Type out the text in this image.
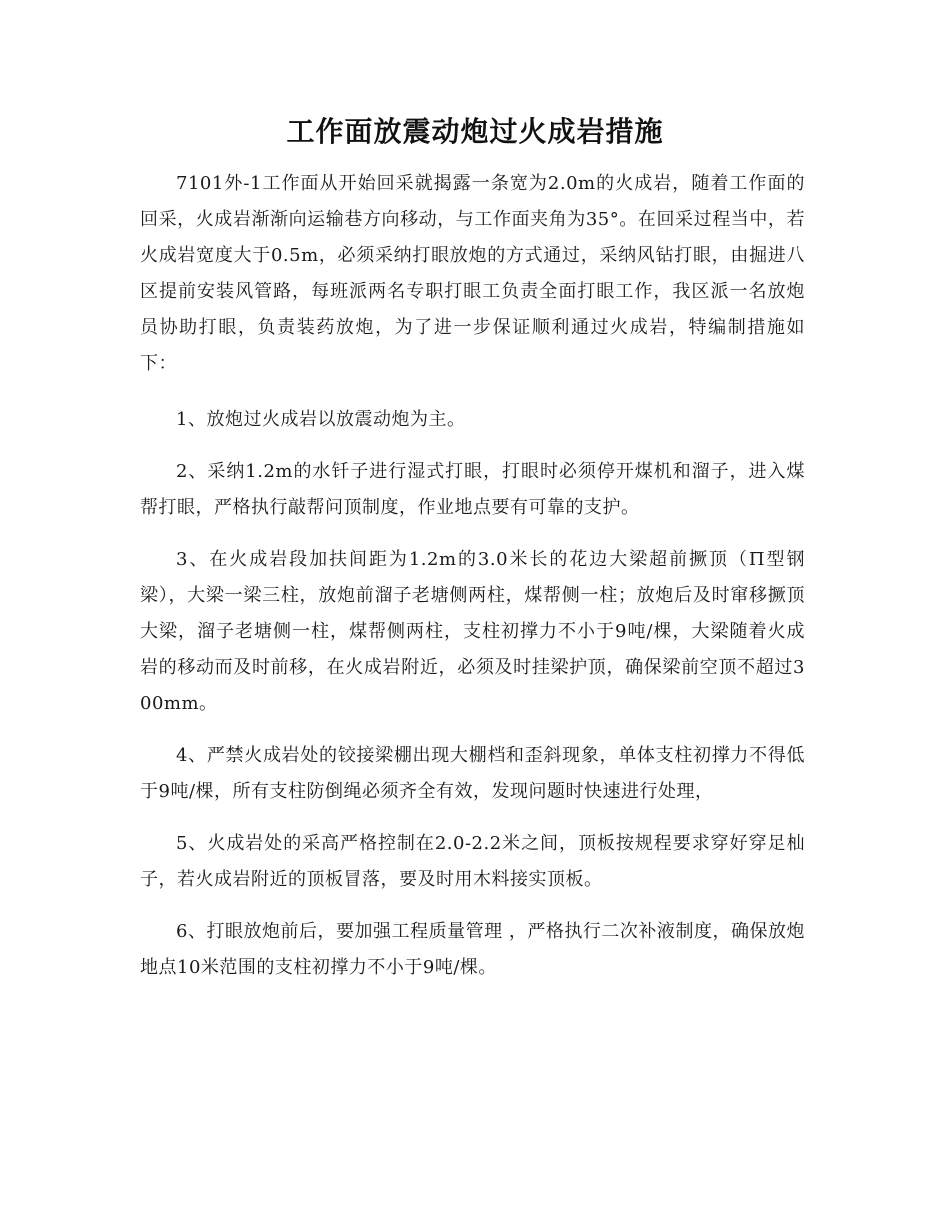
工作面放震动炮过火成岩措施

7101外-1工作面从开始回采就揭露一条宽为2.0m的火成岩，随着工作面的回采，火成岩渐渐向运输巷方向移动，与工作面夹角为35°。在回采过程当中，若火成岩宽度大于0.5m，必须采纳打眼放炮的方式通过，采纳风钻打眼，由掘进八区提前安装风管路，每班派两名专职打眼工负责全面打眼工作，我区派一名放炮员协助打眼，负责装药放炮，为了进一步保证顺利通过火成岩，特编制措施如下：

1、放炮过火成岩以放震动炮为主。

2、采纳1.2m的水钎子进行湿式打眼，打眼时必须停开煤机和溜子，进入煤帮打眼，严格执行敲帮问顶制度，作业地点要有可靠的支护。

3、在火成岩段加扶间距为1.2m的3.0米长的花边大梁超前撅顶（Π型钢梁），大梁一梁三柱，放炮前溜子老塘侧两柱，煤帮侧一柱；放炮后及时窜移撅顶大梁，溜子老塘侧一柱，煤帮侧两柱，支柱初撑力不小于9吨/棵，大梁随着火成岩的移动而及时前移，在火成岩附近，必须及时挂梁护顶，确保梁前空顶不超过300mm。

4、严禁火成岩处的铰接梁棚出现大棚档和歪斜现象，单体支柱初撑力不得低于9吨/棵，所有支柱防倒绳必须齐全有效，发现问题时快速进行处理，

5、火成岩处的采高严格控制在2.0-2.2米之间，顶板按规程要求穿好穿足杣子，若火成岩附近的顶板冒落，要及时用木料接实顶板。

6、打眼放炮前后，要加强工程质量管理 ，严格执行二次补液制度，确保放炮地点10米范围的支柱初撑力不小于9吨/棵。
